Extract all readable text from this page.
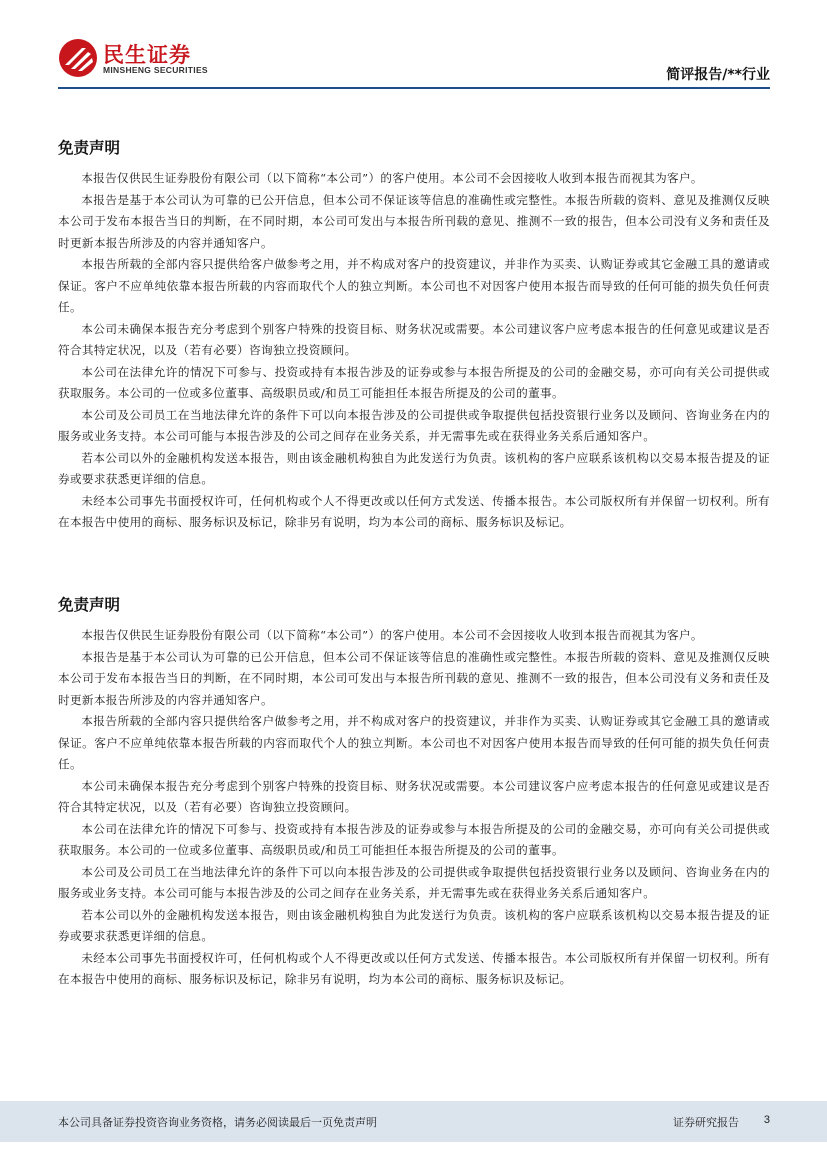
民生证券
MINSHENG SECURITIES	简评报告/**行业
免责声明

本报告仅供民生证券股份有限公司（以下简称“本公司”）的客户使用。本公司不会因接收人收到本报告而视其为客户。

本报告是基于本公司认为可靠的已公开信息，但本公司不保证该等信息的准确性或完整性。本报告所载的资料、意见及推测仅反映本公司于发布本报告当日的判断，在不同时期，本公司可发出与本报告所刊载的意见、推测不一致的报告，但本公司没有义务和责任及时更新本报告所涉及的内容并通知客户。

本报告所载的全部内容只提供给客户做参考之用，并不构成对客户的投资建议，并非作为买卖、认购证券或其它金融工具的邀请或保证。客户不应单纯依靠本报告所载的内容而取代个人的独立判断。本公司也不对因客户使用本报告而导致的任何可能的损失负任何责任。

本公司未确保本报告充分考虑到个别客户特殊的投资目标、财务状况或需要。本公司建议客户应考虑本报告的任何意见或建议是否符合其特定状况，以及（若有必要）咨询独立投资顾问。

本公司在法律允许的情况下可参与、投资或持有本报告涉及的证券或参与本报告所提及的公司的金融交易，亦可向有关公司提供或获取服务。本公司的一位或多位董事、高级职员或/和员工可能担任本报告所提及的公司的董事。

本公司及公司员工在当地法律允许的条件下可以向本报告涉及的公司提供或争取提供包括投资银行业务以及顾问、咨询业务在内的服务或业务支持。本公司可能与本报告涉及的公司之间存在业务关系，并无需事先或在获得业务关系后通知客户。

若本公司以外的金融机构发送本报告，则由该金融机构独自为此发送行为负责。该机构的客户应联系该机构以交易本报告提及的证券或要求获悉更详细的信息。

未经本公司事先书面授权许可，任何机构或个人不得更改或以任何方式发送、传播本报告。本公司版权所有并保留一切权利。所有在本报告中使用的商标、服务标识及标记，除非另有说明，均为本公司的商标、服务标识及标记。

免责声明

本报告仅供民生证券股份有限公司（以下简称“本公司”）的客户使用。本公司不会因接收人收到本报告而视其为客户。

本报告是基于本公司认为可靠的已公开信息，但本公司不保证该等信息的准确性或完整性。本报告所载的资料、意见及推测仅反映本公司于发布本报告当日的判断，在不同时期，本公司可发出与本报告所刊载的意见、推测不一致的报告，但本公司没有义务和责任及时更新本报告所涉及的内容并通知客户。

本报告所载的全部内容只提供给客户做参考之用，并不构成对客户的投资建议，并非作为买卖、认购证券或其它金融工具的邀请或保证。客户不应单纯依靠本报告所载的内容而取代个人的独立判断。本公司也不对因客户使用本报告而导致的任何可能的损失负任何责任。

本公司未确保本报告充分考虑到个别客户特殊的投资目标、财务状况或需要。本公司建议客户应考虑本报告的任何意见或建议是否符合其特定状况，以及（若有必要）咨询独立投资顾问。

本公司在法律允许的情况下可参与、投资或持有本报告涉及的证券或参与本报告所提及的公司的金融交易，亦可向有关公司提供或获取服务。本公司的一位或多位董事、高级职员或/和员工可能担任本报告所提及的公司的董事。

本公司及公司员工在当地法律允许的条件下可以向本报告涉及的公司提供或争取提供包括投资银行业务以及顾问、咨询业务在内的服务或业务支持。本公司可能与本报告涉及的公司之间存在业务关系，并无需事先或在获得业务关系后通知客户。

若本公司以外的金融机构发送本报告，则由该金融机构独自为此发送行为负责。该机构的客户应联系该机构以交易本报告提及的证券或要求获悉更详细的信息。

未经本公司事先书面授权许可，任何机构或个人不得更改或以任何方式发送、传播本报告。本公司版权所有并保留一切权利。所有在本报告中使用的商标、服务标识及标记，除非另有说明，均为本公司的商标、服务标识及标记。

本公司具备证券投资咨询业务资格，请务必阅读最后一页免责声明	证券研究报告 3
